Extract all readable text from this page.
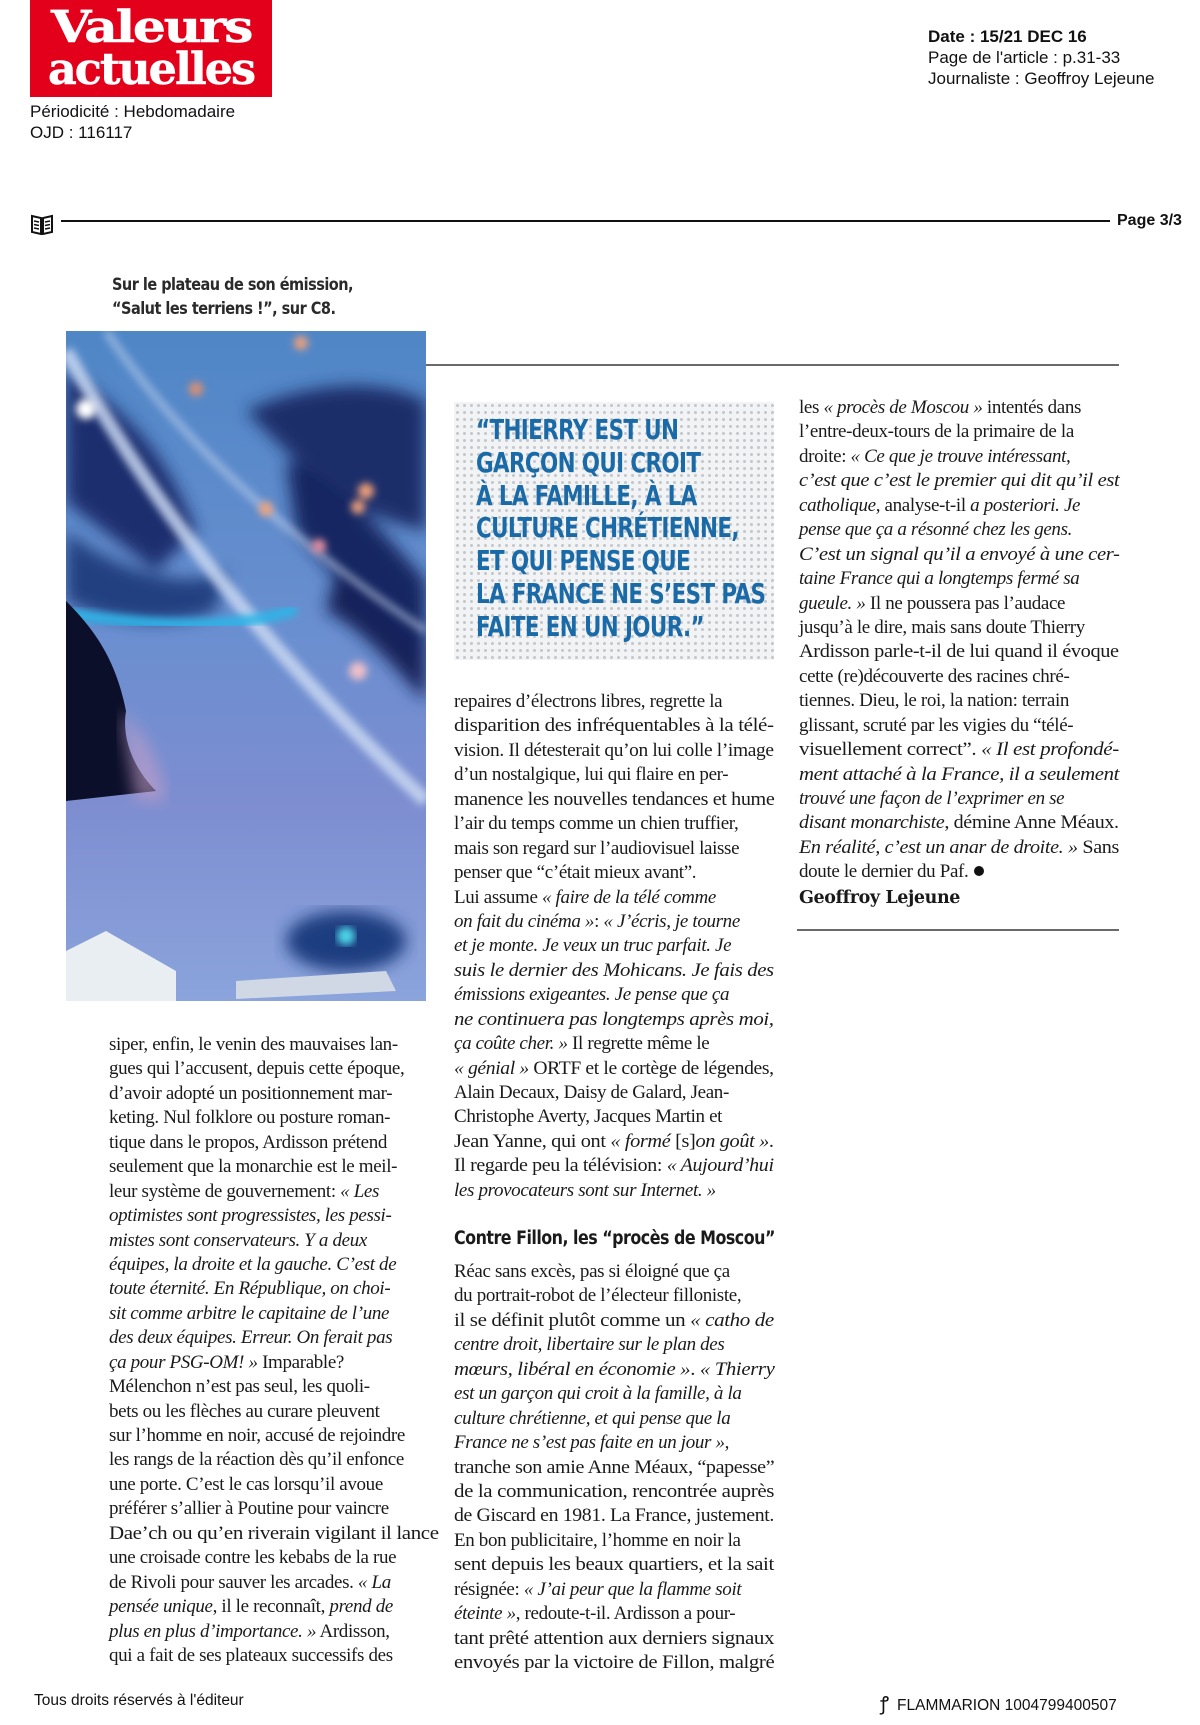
Valeurs
actuelles
Périodicité : Hebdomadaire
OJD : 116117
Date : 15/21 DEC 16
Page de l'article : p.31-33
Journaliste : Geoffroy Lejeune
Page 3/3
Sur le plateau de son émission,
“Salut les terriens !”, sur C8.
“THIERRY EST UN
GARÇON QUI CROIT
À LA FAMILLE, À LA
CULTURE CHRÉTIENNE,
ET QUI PENSE QUE
LA FRANCE NE S’EST PAS
FAITE EN UN JOUR.”
siper, enfin, le venin des mauvaises lan-
gues qui l’accusent, depuis cette époque,
d’avoir adopté un positionnement mar-
keting. Nul folklore ou posture roman-
tique dans le propos, Ardisson prétend
seulement que la monarchie est le meil-
leur système de gouvernement: « Les
optimistes sont progressistes, les pessi-
mistes sont conservateurs. Y a deux
équipes, la droite et la gauche. C’est de
toute éternité. En République, on choi-
sit comme arbitre le capitaine de l’une
des deux équipes. Erreur. On ferait pas
ça pour PSG-OM! » Imparable?
Mélenchon n’est pas seul, les quoli-
bets ou les flèches au curare pleuvent
sur l’homme en noir, accusé de rejoindre
les rangs de la réaction dès qu’il enfonce
une porte. C’est le cas lorsqu’il avoue
préférer s’allier à Poutine pour vaincre
Dae’ch ou qu’en riverain vigilant il lance
une croisade contre les kebabs de la rue
de Rivoli pour sauver les arcades. « La
pensée unique, il le reconnaît, prend de
plus en plus d’importance. » Ardisson,
qui a fait de ses plateaux successifs des
repaires d’électrons libres, regrette la
disparition des infréquentables à la télé-
vision. Il détesterait qu’on lui colle l’image
d’un nostalgique, lui qui flaire en per-
manence les nouvelles tendances et hume
l’air du temps comme un chien truffier,
mais son regard sur l’audiovisuel laisse
penser que “c’était mieux avant”.
Lui assume « faire de la télé comme
on fait du cinéma »: « J’écris, je tourne
et je monte. Je veux un truc parfait. Je
suis le dernier des Mohicans. Je fais des
émissions exigeantes. Je pense que ça
ne continuera pas longtemps après moi,
ça coûte cher. » Il regrette même le
« génial » ORTF et le cortège de légendes,
Alain Decaux, Daisy de Galard, Jean-
Christophe Averty, Jacques Martin et
Jean Yanne, qui ont « formé [s]on goût ».
Il regarde peu la télévision: « Aujourd’hui
les provocateurs sont sur Internet. »
Contre Fillon, les “procès de Moscou”
Réac sans excès, pas si éloigné que ça
du portrait-robot de l’électeur filloniste,
il se définit plutôt comme un « catho de
centre droit, libertaire sur le plan des
mœurs, libéral en économie ». « Thierry
est un garçon qui croit à la famille, à la
culture chrétienne, et qui pense que la
France ne s’est pas faite en un jour »,
tranche son amie Anne Méaux, “papesse”
de la communication, rencontrée auprès
de Giscard en 1981. La France, justement.
En bon publicitaire, l’homme en noir la
sent depuis les beaux quartiers, et la sait
résignée: « J’ai peur que la flamme soit
éteinte », redoute-t-il. Ardisson a pour-
tant prêté attention aux derniers signaux
envoyés par la victoire de Fillon, malgré
les « procès de Moscou » intentés dans
l’entre-deux-tours de la primaire de la
droite: « Ce que je trouve intéressant,
c’est que c’est le premier qui dit qu’il est
catholique, analyse-t-il a posteriori. Je
pense que ça a résonné chez les gens.
C’est un signal qu’il a envoyé à une cer-
taine France qui a longtemps fermé sa
gueule. » Il ne poussera pas l’audace
jusqu’à le dire, mais sans doute Thierry
Ardisson parle-t-il de lui quand il évoque
cette (re)découverte des racines chré-
tiennes. Dieu, le roi, la nation: terrain
glissant, scruté par les vigies du “télé-
visuellement correct”. « Il est profondé-
ment attaché à la France, il a seulement
trouvé une façon de l’exprimer en se
disant monarchiste, démine Anne Méaux.
En réalité, c’est un anar de droite. » Sans
doute le dernier du Paf.
Geoffroy Lejeune
Tous droits réservés à l'éditeur	ꝭ FLAMMARION 1004799400507
